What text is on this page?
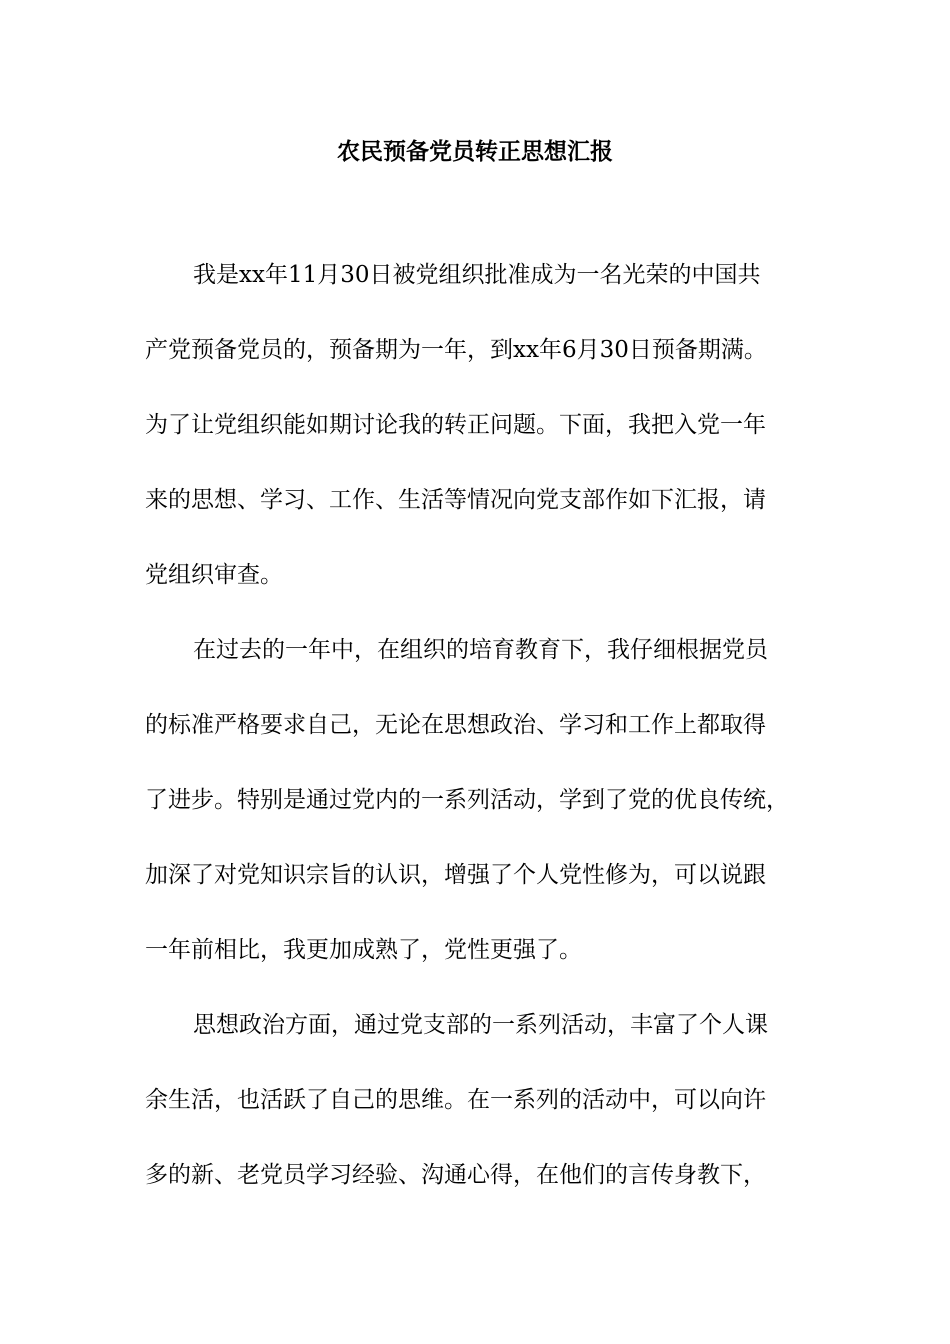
农民预备党员转正思想汇报
我是xx年11月30日被党组织批准成为一名光荣的中国共
产党预备党员的，预备期为一年，到xx年6月30日预备期满。
为了让党组织能如期讨论我的转正问题。下面，我把入党一年
来的思想、学习、工作、生活等情况向党支部作如下汇报，请
党组织审查。
在过去的一年中，在组织的培育教育下，我仔细根据党员
的标准严格要求自己，无论在思想政治、学习和工作上都取得
了进步。特别是通过党内的一系列活动，学到了党的优良传统，
加深了对党知识宗旨的认识，增强了个人党性修为，可以说跟
一年前相比，我更加成熟了，党性更强了。
思想政治方面，通过党支部的一系列活动，丰富了个人课
余生活，也活跃了自己的思维。在一系列的活动中，可以向许
多的新、老党员学习经验、沟通心得，在他们的言传身教下，
